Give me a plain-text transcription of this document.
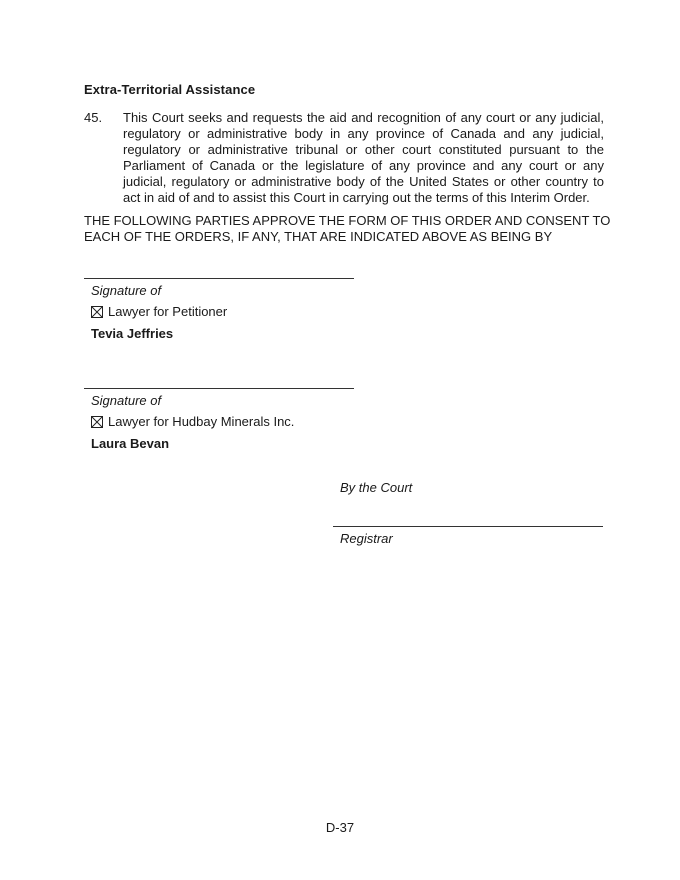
Extra-Territorial Assistance
45. This Court seeks and requests the aid and recognition of any court or any judicial, regulatory or administrative body in any province of Canada and any judicial, regulatory or administrative tribunal or other court constituted pursuant to the Parliament of Canada or the legislature of any province and any court or any judicial, regulatory or administrative body of the United States or other country to act in aid of and to assist this Court in carrying out the terms of this Interim Order.
THE FOLLOWING PARTIES APPROVE THE FORM OF THIS ORDER AND CONSENT TO EACH OF THE ORDERS, IF ANY, THAT ARE INDICATED ABOVE AS BEING BY
Signature of
Lawyer for Petitioner
Tevia Jeffries
Signature of
Lawyer for Hudbay Minerals Inc.
Laura Bevan
By the Court
Registrar
D-37
